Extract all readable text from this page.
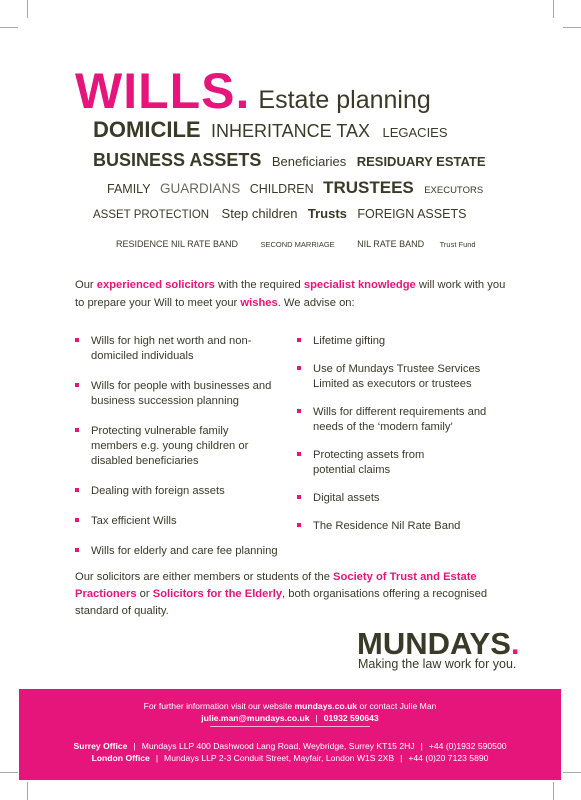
WILLS. Estate planning
DOMICILE INHERITANCE TAX LEGACIES
BUSINESS ASSETS Beneficiaries RESIDUARY ESTATE
FAMILY GUARDIANS CHILDREN TRUSTEES EXECUTORS
ASSET PROTECTION Step children Trusts FOREIGN ASSETS
RESIDENCE NIL RATE BAND	SECOND MARRIAGE NIL RATE BAND Trust Fund
Our experienced solicitors with the required specialist knowledge will work with you to prepare your Will to meet your wishes. We advise on:
Wills for high net worth and non-domiciled individuals
Wills for people with businesses and business succession planning
Protecting vulnerable family members e.g. young children or disabled beneficiaries
Dealing with foreign assets
Tax efficient Wills
Wills for elderly and care fee planning
Lifetime gifting
Use of Mundays Trustee Services Limited as executors or trustees
Wills for different requirements and needs of the ‘modern family’
Protecting assets from potential claims
Digital assets
The Residence Nil Rate Band
Our solicitors are either members or students of the Society of Trust and Estate Practioners or Solicitors for the Elderly, both organisations offering a recognised standard of quality.
MUNDAYS.
Making the law work for you.
For further information visit our website mundays.co.uk or contact Julie Man
julie.man@mundays.co.uk | 01932 590643
Surrey Office | Mundays LLP 400 Dashwood Lang Road, Weybridge, Surrey KT15 2HJ | +44 (0)1932 590500
London Office | Mundays LLP 2-3 Conduit Street, Mayfair, London W1S 2XB | +44 (0)20 7123 5890
